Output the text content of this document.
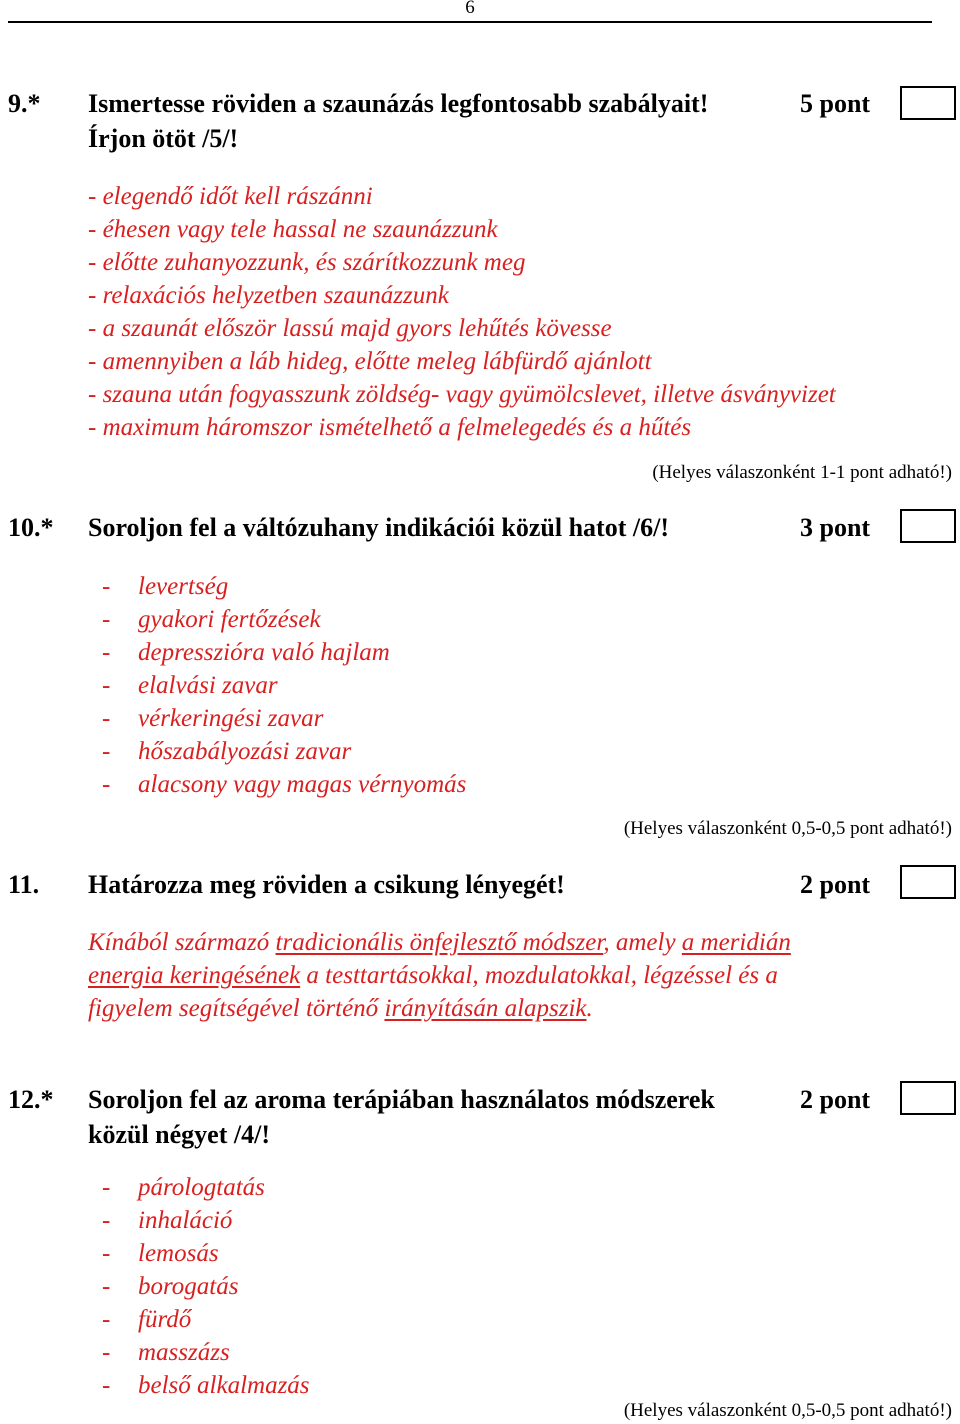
6
9.* Ismertesse röviden a szaunázás legfontosabb szabályait!
Írjon ötöt /5/!
5 pont
- elegendő időt kell rászánni
- éhesen vagy tele hassal ne szaunázzunk
- előtte zuhanyozzunk, és szárítkozzunk meg
- relaxációs helyzetben szaunázzunk
- a szaunát először lassú majd gyors lehűtés kövesse
- amennyiben a láb hideg, előtte meleg lábfürdő ajánlott
- szauna után fogyasszunk zöldség- vagy gyümölcslevet, illetve ásványvizet
- maximum háromszor ismételhető a felmelegedés és a hűtés
(Helyes válaszonként 1-1 pont adható!)
10.* Soroljon fel a váltózuhany indikációi közül hatot /6/!	3 pont
- levertség
- gyakori fertőzések
- depresszióra való hajlam
- elalvási zavar
- vérkeringési zavar
- hőszabályozási zavar
- alacsony vagy magas vérnyomás
(Helyes válaszonként 0,5-0,5 pont adható!)
11. Határozza meg röviden a csikung lényegét!	2 pont
Kínából származó tradicionális önfejlesztő módszer, amely a meridián
energia keringésének a testtartásokkal, mozdulatokkal, légzéssel és a
figyelem segítségével történő irányításán alapszik.
12.* Soroljon fel az aroma terápiában használatos módszerek
közül négyet /4/!
2 pont
- párologtatás
- inhaláció
- lemosás
- borogatás
- fürdő
- masszázs
- belső alkalmazás
(Helyes válaszonként 0,5-0,5 pont adható!)
